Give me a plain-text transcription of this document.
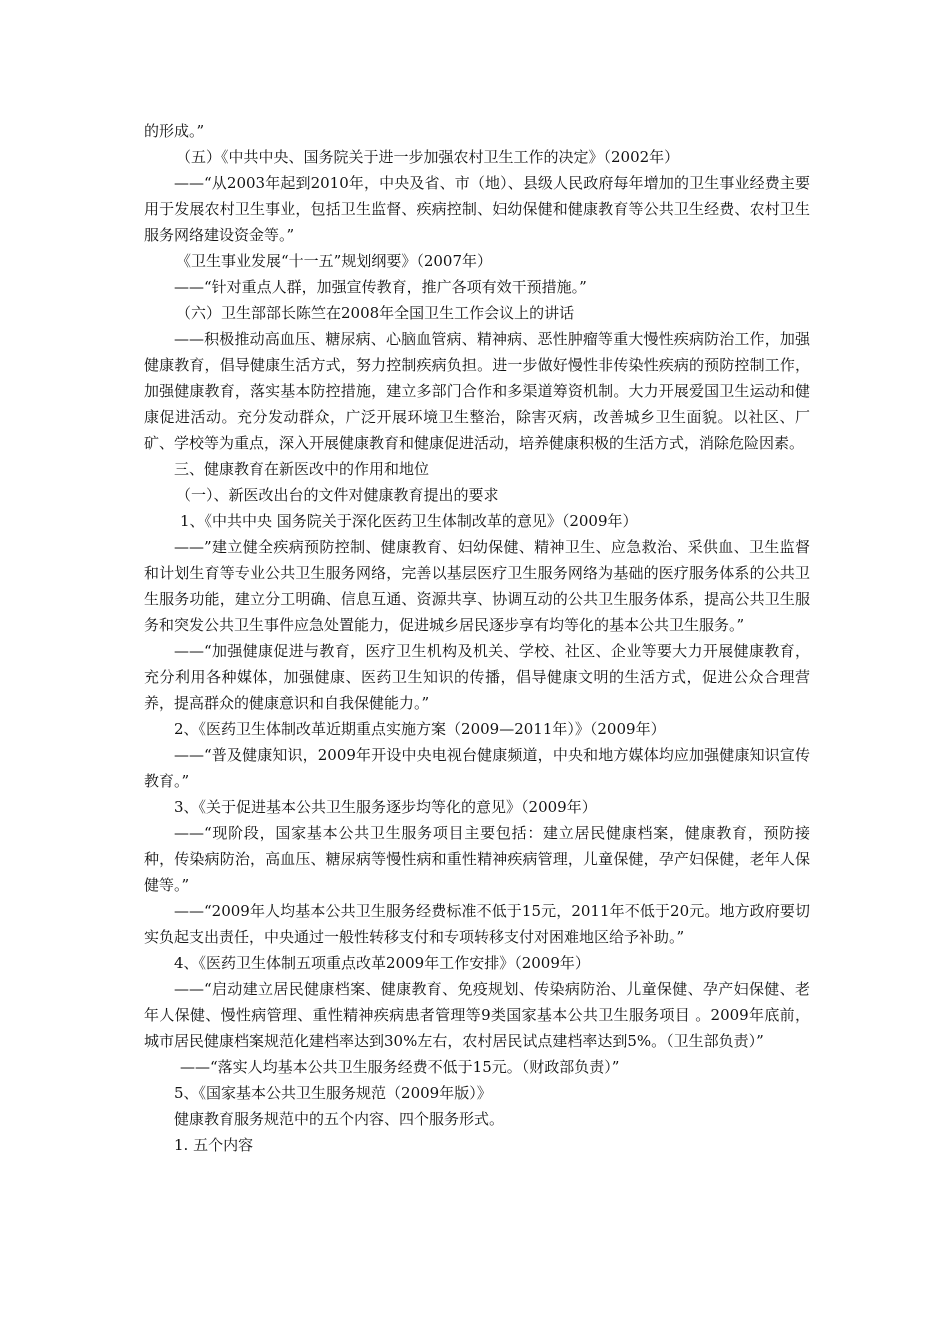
的形成。”

（五）《中共中央、国务院关于进一步加强农村卫生工作的决定》（2002年）

——“从2003年起到2010年，中央及省、市（地）、县级人民政府每年增加的卫生事业经费主要用于发展农村卫生事业，包括卫生监督、疾病控制、妇幼保健和健康教育等公共卫生经费、农村卫生服务网络建设资金等。”

《卫生事业发展“十一五”规划纲要》（2007年）

——“针对重点人群，加强宣传教育，推广各项有效干预措施。”

（六）卫生部部长陈竺在2008年全国卫生工作会议上的讲话

——积极推动高血压、糖尿病、心脑血管病、精神病、恶性肿瘤等重大慢性疾病防治工作，加强健康教育，倡导健康生活方式，努力控制疾病负担。进一步做好慢性非传染性疾病的预防控制工作，加强健康教育，落实基本防控措施，建立多部门合作和多渠道筹资机制。大力开展爱国卫生运动和健康促进活动。充分发动群众，广泛开展环境卫生整治，除害灭病，改善城乡卫生面貌。以社区、厂矿、学校等为重点，深入开展健康教育和健康促进活动，培养健康积极的生活方式，消除危险因素。

三、健康教育在新医改中的作用和地位

（一）、新医改出台的文件对健康教育提出的要求

1、《中共中央 国务院关于深化医药卫生体制改革的意见》（2009年）

——”建立健全疾病预防控制、健康教育、妇幼保健、精神卫生、应急救治、采供血、卫生监督和计划生育等专业公共卫生服务网络，完善以基层医疗卫生服务网络为基础的医疗服务体系的公共卫生服务功能，建立分工明确、信息互通、资源共享、协调互动的公共卫生服务体系，提高公共卫生服务和突发公共卫生事件应急处置能力，促进城乡居民逐步享有均等化的基本公共卫生服务。”

——“加强健康促进与教育，医疗卫生机构及机关、学校、社区、企业等要大力开展健康教育，充分利用各种媒体，加强健康、医药卫生知识的传播，倡导健康文明的生活方式，促进公众合理营养，提高群众的健康意识和自我保健能力。”

2、《医药卫生体制改革近期重点实施方案（2009—2011年）》（2009年）

——“普及健康知识，2009年开设中央电视台健康频道，中央和地方媒体均应加强健康知识宣传教育。”

3、《关于促进基本公共卫生服务逐步均等化的意见》（2009年）

——“现阶段，国家基本公共卫生服务项目主要包括：建立居民健康档案，健康教育，预防接种，传染病防治，高血压、糖尿病等慢性病和重性精神疾病管理，儿童保健，孕产妇保健，老年人保健等。”

——“2009年人均基本公共卫生服务经费标准不低于15元，2011年不低于20元。地方政府要切实负起支出责任，中央通过一般性转移支付和专项转移支付对困难地区给予补助。”

4、《医药卫生体制五项重点改革2009年工作安排》（2009年）

——“启动建立居民健康档案、健康教育、免疫规划、传染病防治、儿童保健、孕产妇保健、老年人保健、慢性病管理、重性精神疾病患者管理等9类国家基本公共卫生服务项目 。2009年底前，城市居民健康档案规范化建档率达到30%左右，农村居民试点建档率达到5%。（卫生部负责）”

——“落实人均基本公共卫生服务经费不低于15元。（财政部负责）”

5、《国家基本公共卫生服务规范（2009年版）》

健康教育服务规范中的五个内容、四个服务形式。

1. 五个内容
